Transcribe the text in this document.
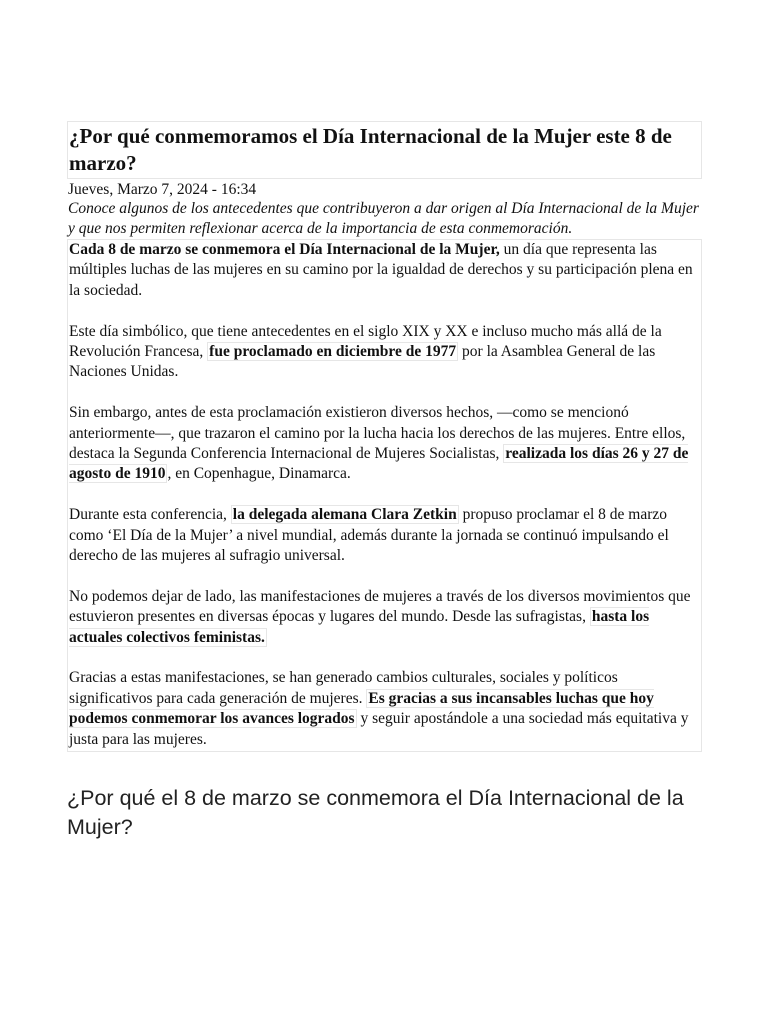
¿Por qué conmemoramos el Día Internacional de la Mujer este 8 de marzo?
Jueves, Marzo 7, 2024 - 16:34
Conoce algunos de los antecedentes que contribuyeron a dar origen al Día Internacional de la Mujer y que nos permiten reflexionar acerca de la importancia de esta conmemoración.

Cada 8 de marzo se conmemora el Día Internacional de la Mujer, un día que representa las múltiples luchas de las mujeres en su camino por la igualdad de derechos y su participación plena en la sociedad.

Este día simbólico, que tiene antecedentes en el siglo XIX y XX e incluso mucho más allá de la Revolución Francesa, fue proclamado en diciembre de 1977 por la Asamblea General de las Naciones Unidas.

Sin embargo, antes de esta proclamación existieron diversos hechos, —como se mencionó anteriormente—, que trazaron el camino por la lucha hacia los derechos de las mujeres. Entre ellos, destaca la Segunda Conferencia Internacional de Mujeres Socialistas, realizada los días 26 y 27 de agosto de 1910 , en Copenhague, Dinamarca.

Durante esta conferencia, la delegada alemana Clara Zetkin propuso proclamar el 8 de marzo como ‘El Día de la Mujer’ a nivel mundial, además durante la jornada se continuó impulsando el derecho de las mujeres al sufragio universal.

No podemos dejar de lado, las manifestaciones de mujeres a través de los diversos movimientos que estuvieron presentes en diversas épocas y lugares del mundo. Desde las sufragistas, hasta los actuales colectivos feministas.

Gracias a estas manifestaciones, se han generado cambios culturales, sociales y políticos significativos para cada generación de mujeres. Es gracias a sus incansables luchas que hoy podemos conmemorar los avances logrados y seguir apostándole a una sociedad más equitativa y justa para las mujeres.

¿Por qué el 8 de marzo se conmemora el Día Internacional de la Mujer?
